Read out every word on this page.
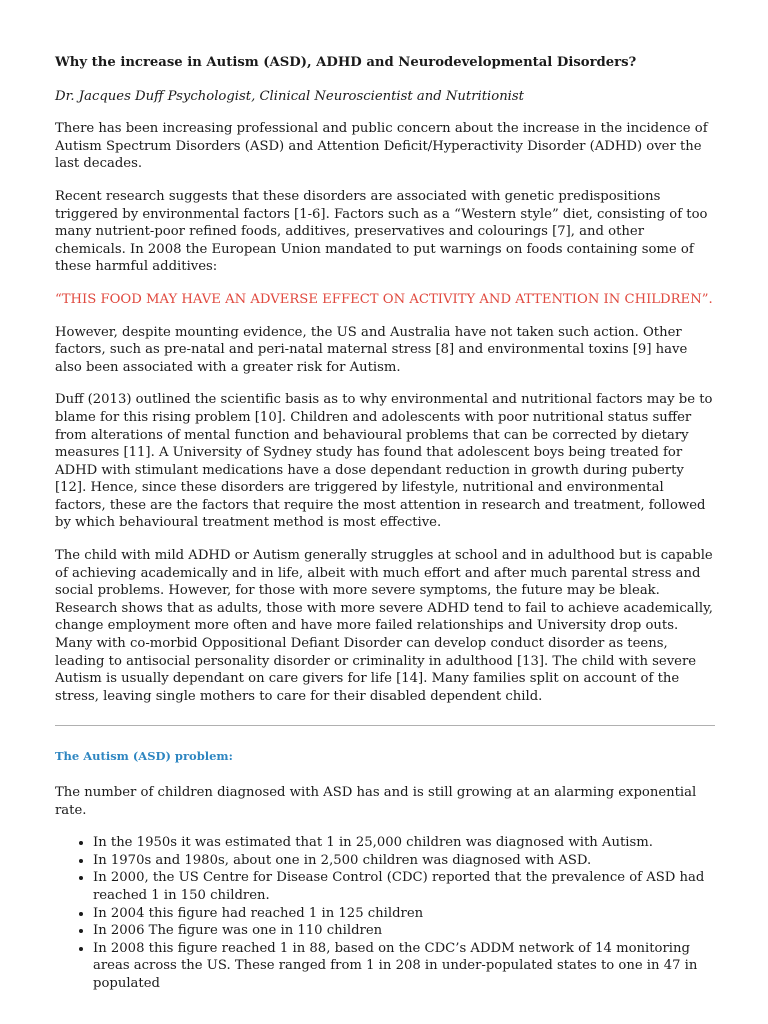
Why the increase in Autism (ASD), ADHD and Neurodevelopmental Disorders?
Dr. Jacques Duff Psychologist, Clinical Neuroscientist and Nutritionist

There has been increasing professional and public concern about the increase in the incidence of Autism Spectrum Disorders (ASD) and Attention Deficit/Hyperactivity Disorder (ADHD) over the last decades.

Recent research suggests that these disorders are associated with genetic predispositions triggered by environmental factors [1-6]. Factors such as a “Western style” diet, consisting of too many nutrient-poor refined foods, additives, preservatives and colourings [7], and other chemicals. In 2008 the European Union mandated to put warnings on foods containing some of these harmful additives:

“THIS FOOD MAY HAVE AN ADVERSE EFFECT ON ACTIVITY AND ATTENTION IN CHILDREN”.

However, despite mounting evidence, the US and Australia have not taken such action. Other factors, such as pre-natal and peri-natal maternal stress [8] and environmental toxins [9] have also been associated with a greater risk for Autism.

Duff (2013) outlined the scientific basis as to why environmental and nutritional factors may be to blame for this rising problem [10]. Children and adolescents with poor nutritional status suffer from alterations of mental function and behavioural problems that can be corrected by dietary measures [11]. A University of Sydney study has found that adolescent boys being treated for ADHD with stimulant medications have a dose dependant reduction in growth during puberty [12]. Hence, since these disorders are triggered by lifestyle, nutritional and environmental factors, these are the factors that require the most attention in research and treatment, followed by which behavioural treatment method is most effective.

The child with mild ADHD or Autism generally struggles at school and in adulthood but is capable of achieving academically and in life, albeit with much effort and after much parental stress and social problems. However, for those with more severe symptoms, the future may be bleak. Research shows that as adults, those with more severe ADHD tend to fail to achieve academically, change employment more often and have more failed relationships and University drop outs. Many with co-morbid Oppositional Defiant Disorder can develop conduct disorder as teens, leading to antisocial personality disorder or criminality in adulthood [13]. The child with severe Autism is usually dependant on care givers for life [14]. Many families split on account of the stress, leaving single mothers to care for their disabled dependent child.

The Autism (ASD) problem:

The number of children diagnosed with ASD has and is still growing at an alarming exponential rate.

• In the 1950s it was estimated that 1 in 25,000 children was diagnosed with Autism.
• In 1970s and 1980s, about one in 2,500 children was diagnosed with ASD.
• In 2000, the US Centre for Disease Control (CDC) reported that the prevalence of ASD had reached 1 in 150 children.
• In 2004 this figure had reached 1 in 125 children
• In 2006 The figure was one in 110 children
• In 2008 this figure reached 1 in 88, based on the CDC’s ADDM network of 14 monitoring areas across the US. These ranged from 1 in 208 in under-populated states to one in 47 in populated
